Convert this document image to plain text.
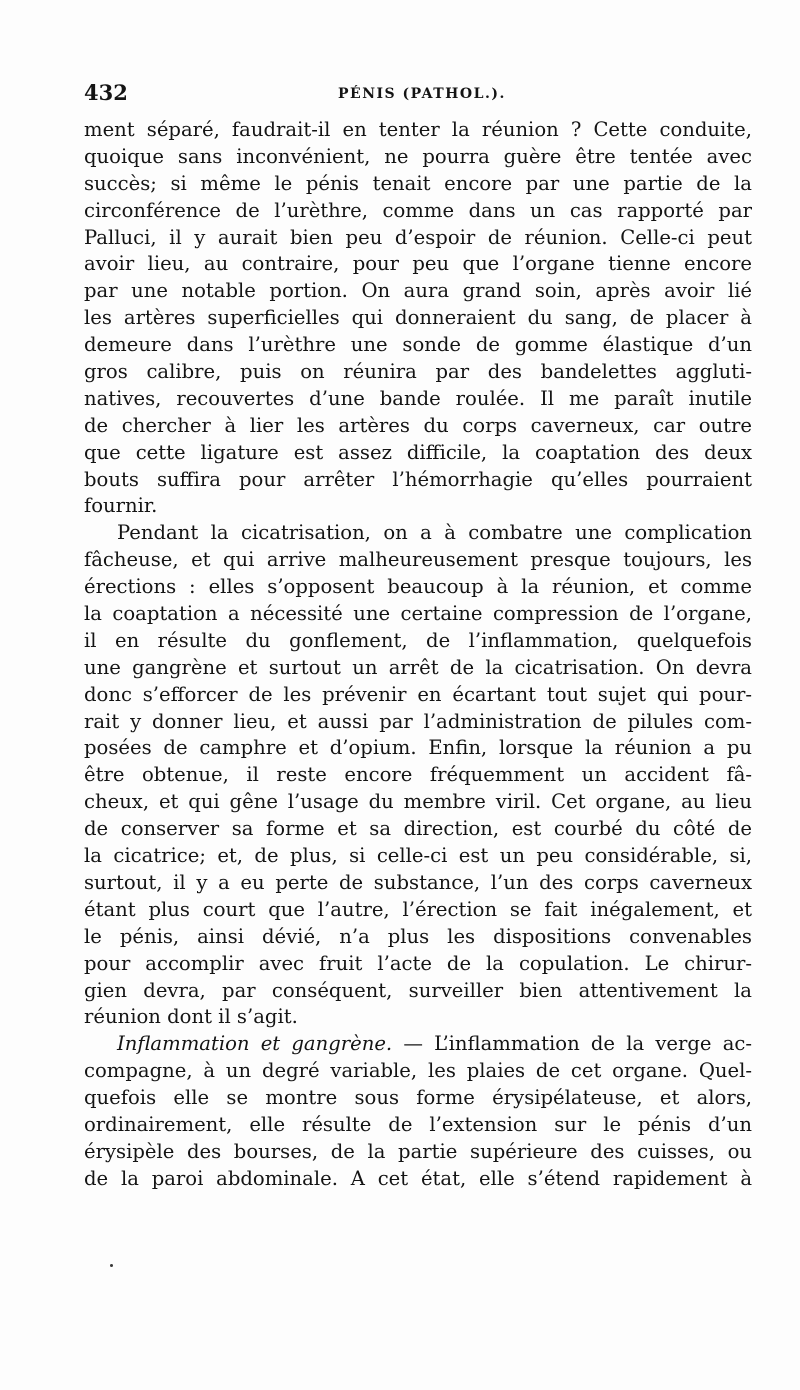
432	PÉNIS (PATHOL.).
ment séparé, faudrait-il en tenter la réunion ? Cette conduite,
quoique sans inconvénient, ne pourra guère être tentée avec
succès; si même le pénis tenait encore par une partie de la
circonférence de l’urèthre, comme dans un cas rapporté par
Palluci, il y aurait bien peu d’espoir de réunion. Celle-ci peut
avoir lieu, au contraire, pour peu que l’organe tienne encore
par une notable portion. On aura grand soin, après avoir lié
les artères superficielles qui donneraient du sang, de placer à
demeure dans l’urèthre une sonde de gomme élastique d’un
gros calibre, puis on réunira par des bandelettes aggluti-
natives, recouvertes d’une bande roulée. Il me paraît inutile
de chercher à lier les artères du corps caverneux, car outre
que cette ligature est assez difficile, la coaptation des deux
bouts suffira pour arrêter l’hémorrhagie qu’elles pourraient
fournir.
Pendant la cicatrisation, on a à combatre une complication
fâcheuse, et qui arrive malheureusement presque toujours, les
érections : elles s’opposent beaucoup à la réunion, et comme
la coaptation a nécessité une certaine compression de l’organe,
il en résulte du gonflement, de l’inflammation, quelquefois
une gangrène et surtout un arrêt de la cicatrisation. On devra
donc s’efforcer de les prévenir en écartant tout sujet qui pour-
rait y donner lieu, et aussi par l’administration de pilules com-
posées de camphre et d’opium. Enfin, lorsque la réunion a pu
être obtenue, il reste encore fréquemment un accident fâ-
cheux, et qui gêne l’usage du membre viril. Cet organe, au lieu
de conserver sa forme et sa direction, est courbé du côté de
la cicatrice; et, de plus, si celle-ci est un peu considérable, si,
surtout, il y a eu perte de substance, l’un des corps caverneux
étant plus court que l’autre, l’érection se fait inégalement, et
le pénis, ainsi dévié, n’a plus les dispositions convenables
pour accomplir avec fruit l’acte de la copulation. Le chirur-
gien devra, par conséquent, surveiller bien attentivement la
réunion dont il s’agit.
Inflammation et gangrène. — L’inflammation de la verge ac-
compagne, à un degré variable, les plaies de cet organe. Quel-
quefois elle se montre sous forme érysipélateuse, et alors,
ordinairement, elle résulte de l’extension sur le pénis d’un
érysipèle des bourses, de la partie supérieure des cuisses, ou
de la paroi abdominale. A cet état, elle s’étend rapidement à
